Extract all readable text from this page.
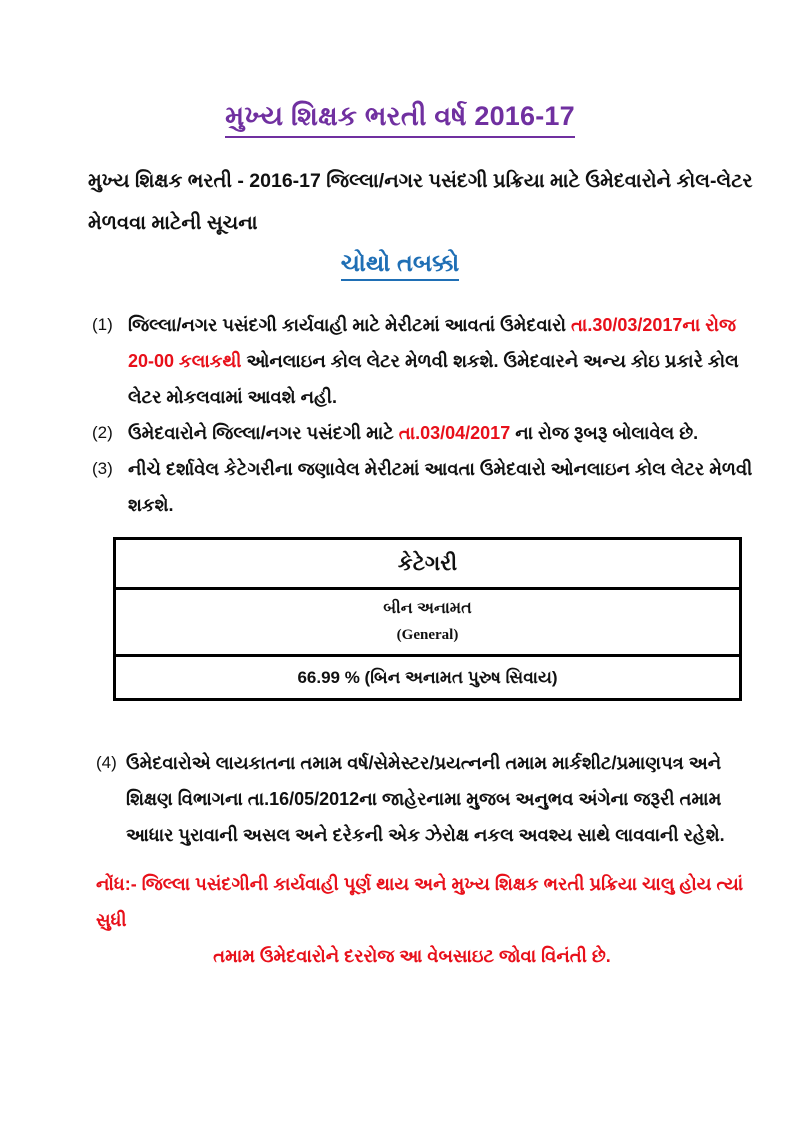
મુખ્ય શિક્ષક ભરતી વર્ષ 2016-17
મુખ્ય શિક્ષક ભરતી - 2016-17 જિલ્લા/નગર પસંદગી પ્રક્રિયા માટે ઉમેદવારોને કોલ-લેટર મેળવવા માટેની સૂચના
ચોથો તબક્કો
(1) જિલ્લા/નગર પસંદગી કાર્યવાહી માટે મેરીટમાં આવતાં ઉમેદવારો તા.30/03/2017ના રોજ 20-00 કલાકથી ઓનલાઇન કોલ લેટર મેળવી શકશે. ઉમેદવારને અન્ય કોઇ પ્રકારે કોલ લેટર મોકલવામાં આવશે નહી.
(2) ઉમેદવારોને જિલ્લા/નગર પસંદગી માટે તા.03/04/2017 ના રોજ રૂબરૂ બોલાવેલ છે.
(3) નીચે દર્શાવેલ કેટેગરીના જણાવેલ મેરીટમાં આવતા ઉમેદવારો ઓનલાઇન કોલ લેટર મેળવી શકશે.
કેટેગરી

બીન અનામત
(General)

66.99 % (બિન અનામત પુરુષ સિવાય)
(4) ઉમેદવારોએ લાયકાતના તમામ વર્ષ/સેમેસ્ટર/પ્રયત્નની તમામ માર્કશીટ/પ્રમાણપત્ર અને શિક્ષણ વિભાગના તા.16/05/2012ના જાહેરનામા મુજબ અનુભવ અંગેના જરૂરી તમામ આધાર પુરાવાની અસલ અને દરેકની એક ઝેરોક્ષ નકલ અવશ્ય સાથે લાવવાની રહેશે.
નોંધ:- જિલ્લા પસંદગીની કાર્યવાહી પૂર્ણ થાય અને મુખ્ય શિક્ષક ભરતી પ્રક્રિયા ચાલુ હોય ત્યાં સુધી
તમામ ઉમેદવારોને દરરોજ આ વેબસાઇટ જોવા વિનંતી છે.
